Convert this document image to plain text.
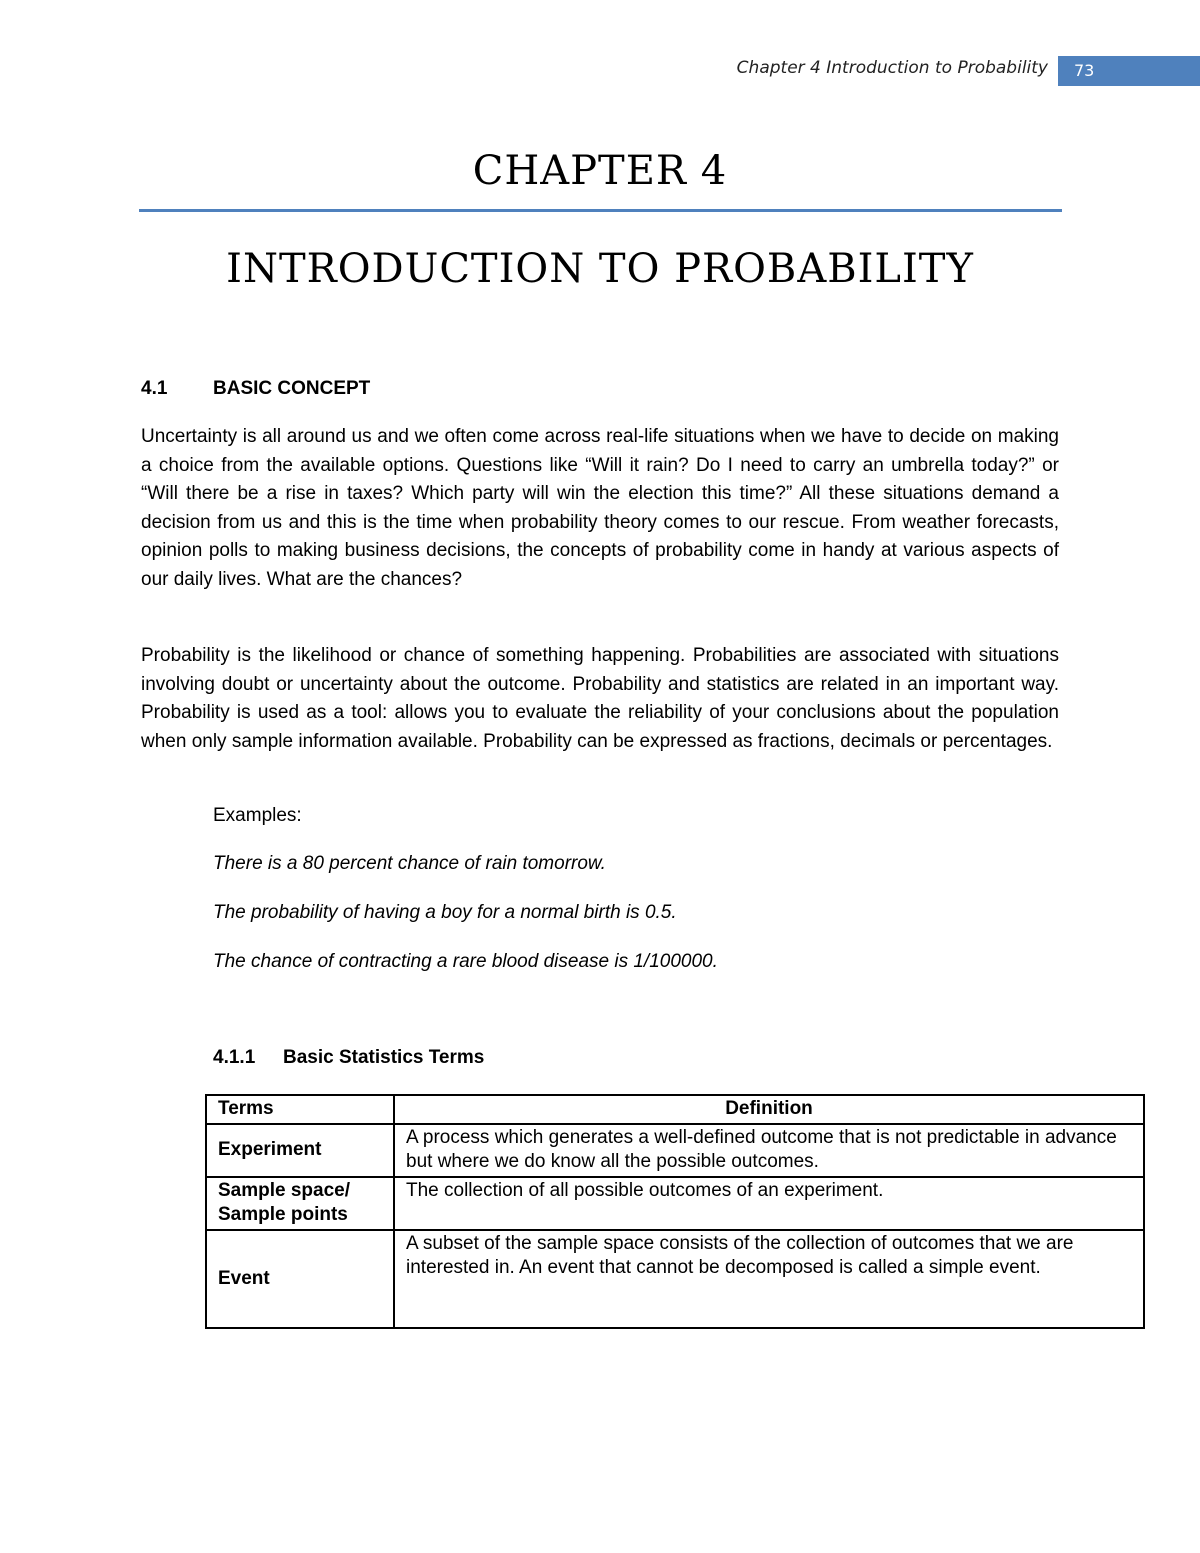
Chapter 4 Introduction to Probability	73
CHAPTER 4
INTRODUCTION TO PROBABILITY
4.1 BASIC CONCEPT
Uncertainty is all around us and we often come across real-life situations when we have to decide on making a choice from the available options. Questions like “Will it rain? Do I need to carry an umbrella today?” or “Will there be a rise in taxes? Which party will win the election this time?” All these situations demand a decision from us and this is the time when probability theory comes to our rescue. From weather forecasts, opinion polls to making business decisions, the concepts of probability come in handy at various aspects of our daily lives. What are the chances?
Probability is the likelihood or chance of something happening. Probabilities are associated with situations involving doubt or uncertainty about the outcome. Probability and statistics are related in an important way. Probability is used as a tool: allows you to evaluate the reliability of your conclusions about the population when only sample information available. Probability can be expressed as fractions, decimals or percentages.
Examples:
There is a 80 percent chance of rain tomorrow.
The probability of having a boy for a normal birth is 0.5.
The chance of contracting a rare blood disease is 1/100000.
4.1.1 Basic Statistics Terms
Terms	Definition
Experiment	A process which generates a well-defined outcome that is not predictable in advance but where we do know all the possible outcomes.

Sample space/
Sample points	The collection of all possible outcomes of an experiment.
Event	A subset of the sample space consists of the collection of outcomes that we are interested in. An event that cannot be decomposed is called a simple event.
